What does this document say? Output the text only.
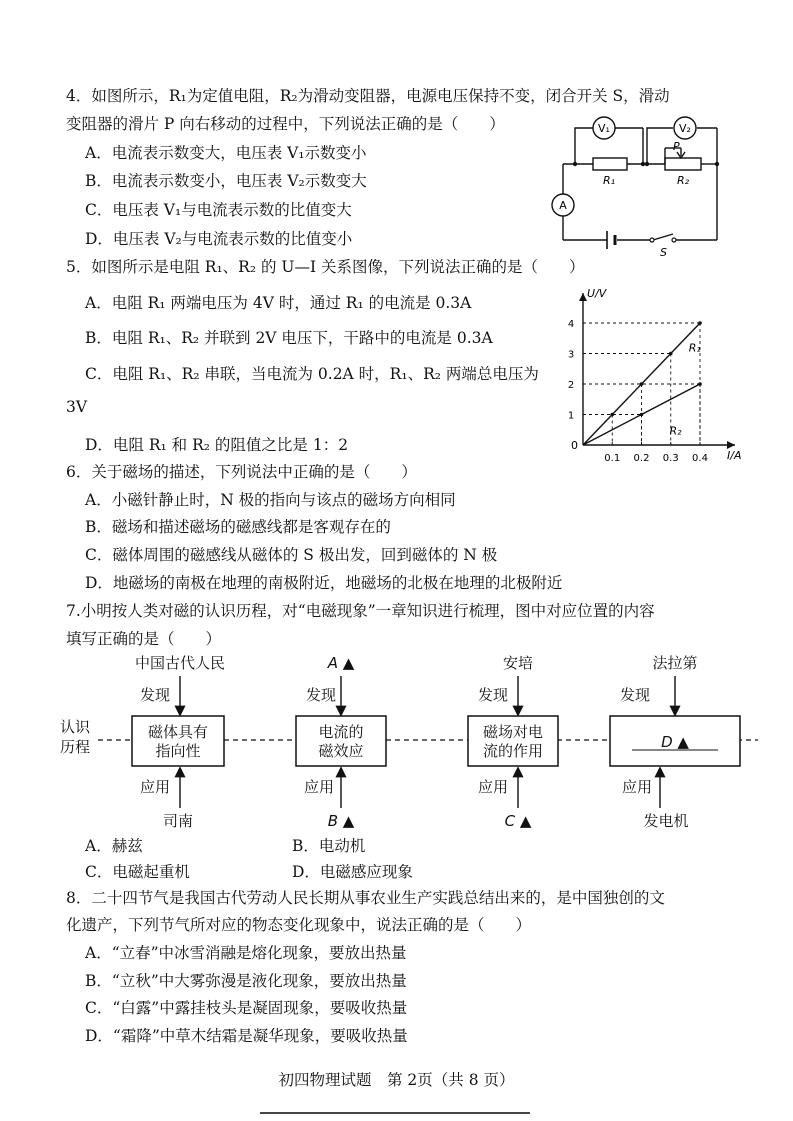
4．如图所示，R₁为定值电阻，R₂为滑动变阻器，电源电压保持不变，闭合开关 S，滑动
变阻器的滑片 P 向右移动的过程中，下列说法正确的是（　　）
A．电流表示数变大，电压表 V₁示数变小
B．电流表示数变小，电压表 V₂示数变大
C．电压表 V₁与电流表示数的比值变大
D．电压表 V₂与电流表示数的比值变小
V₁	V₂
A
P
R₁	R₂
S
5．如图所示是电阻 R₁、R₂ 的 U—I 关系图像，下列说法正确的是（　　）
A．电阻 R₁ 两端电压为 4V 时，通过 R₁ 的电流是 0.3A
B．电阻 R₁、R₂ 并联到 2V 电压下，干路中的电流是 0.3A
C．电阻 R₁、R₂ 串联，当电流为 0.2A 时，R₁、R₂ 两端总电压为
3V
D．电阻 R₁ 和 R₂ 的阻值之比是 1：2
U/V
I/A
0
0.1 0.2 0.3 0.4
1
2
3
4
R₁
R₂
6．关于磁场的描述，下列说法中正确的是（　　）
A．小磁针静止时，N 极的指向与该点的磁场方向相同
B．磁场和描述磁场的磁感线都是客观存在的
C．磁体周围的磁感线从磁体的 S 极出发，回到磁体的 N 极
D．地磁场的南极在地理的南极附近，地磁场的北极在地理的北极附近
7.小明按人类对磁的认识历程，对“电磁现象”一章知识进行梳理，图中对应位置的内容
填写正确的是（　　）
认识
历程
磁体具有
指向性
电流的
磁效应
磁场对电
流的作用	D ▲
中国古代人民	A ▲	安培	法拉第
发现	发现	发现	发现
应用	应用	应用	应用
司南	B ▲	C ▲	发电机
A．赫兹	B．电动机
C．电磁起重机	D．电磁感应现象
8．二十四节气是我国古代劳动人民长期从事农业生产实践总结出来的，是中国独创的文
化遗产，下列节气所对应的物态变化现象中，说法正确的是（　　）
A．“立春”中冰雪消融是熔化现象，要放出热量
B．“立秋”中大雾弥漫是液化现象，要放出热量
C．“白露”中露挂枝头是凝固现象，要吸收热量
D．“霜降”中草木结霜是凝华现象，要吸收热量
初四物理试题　第 2页（共 8 页）
